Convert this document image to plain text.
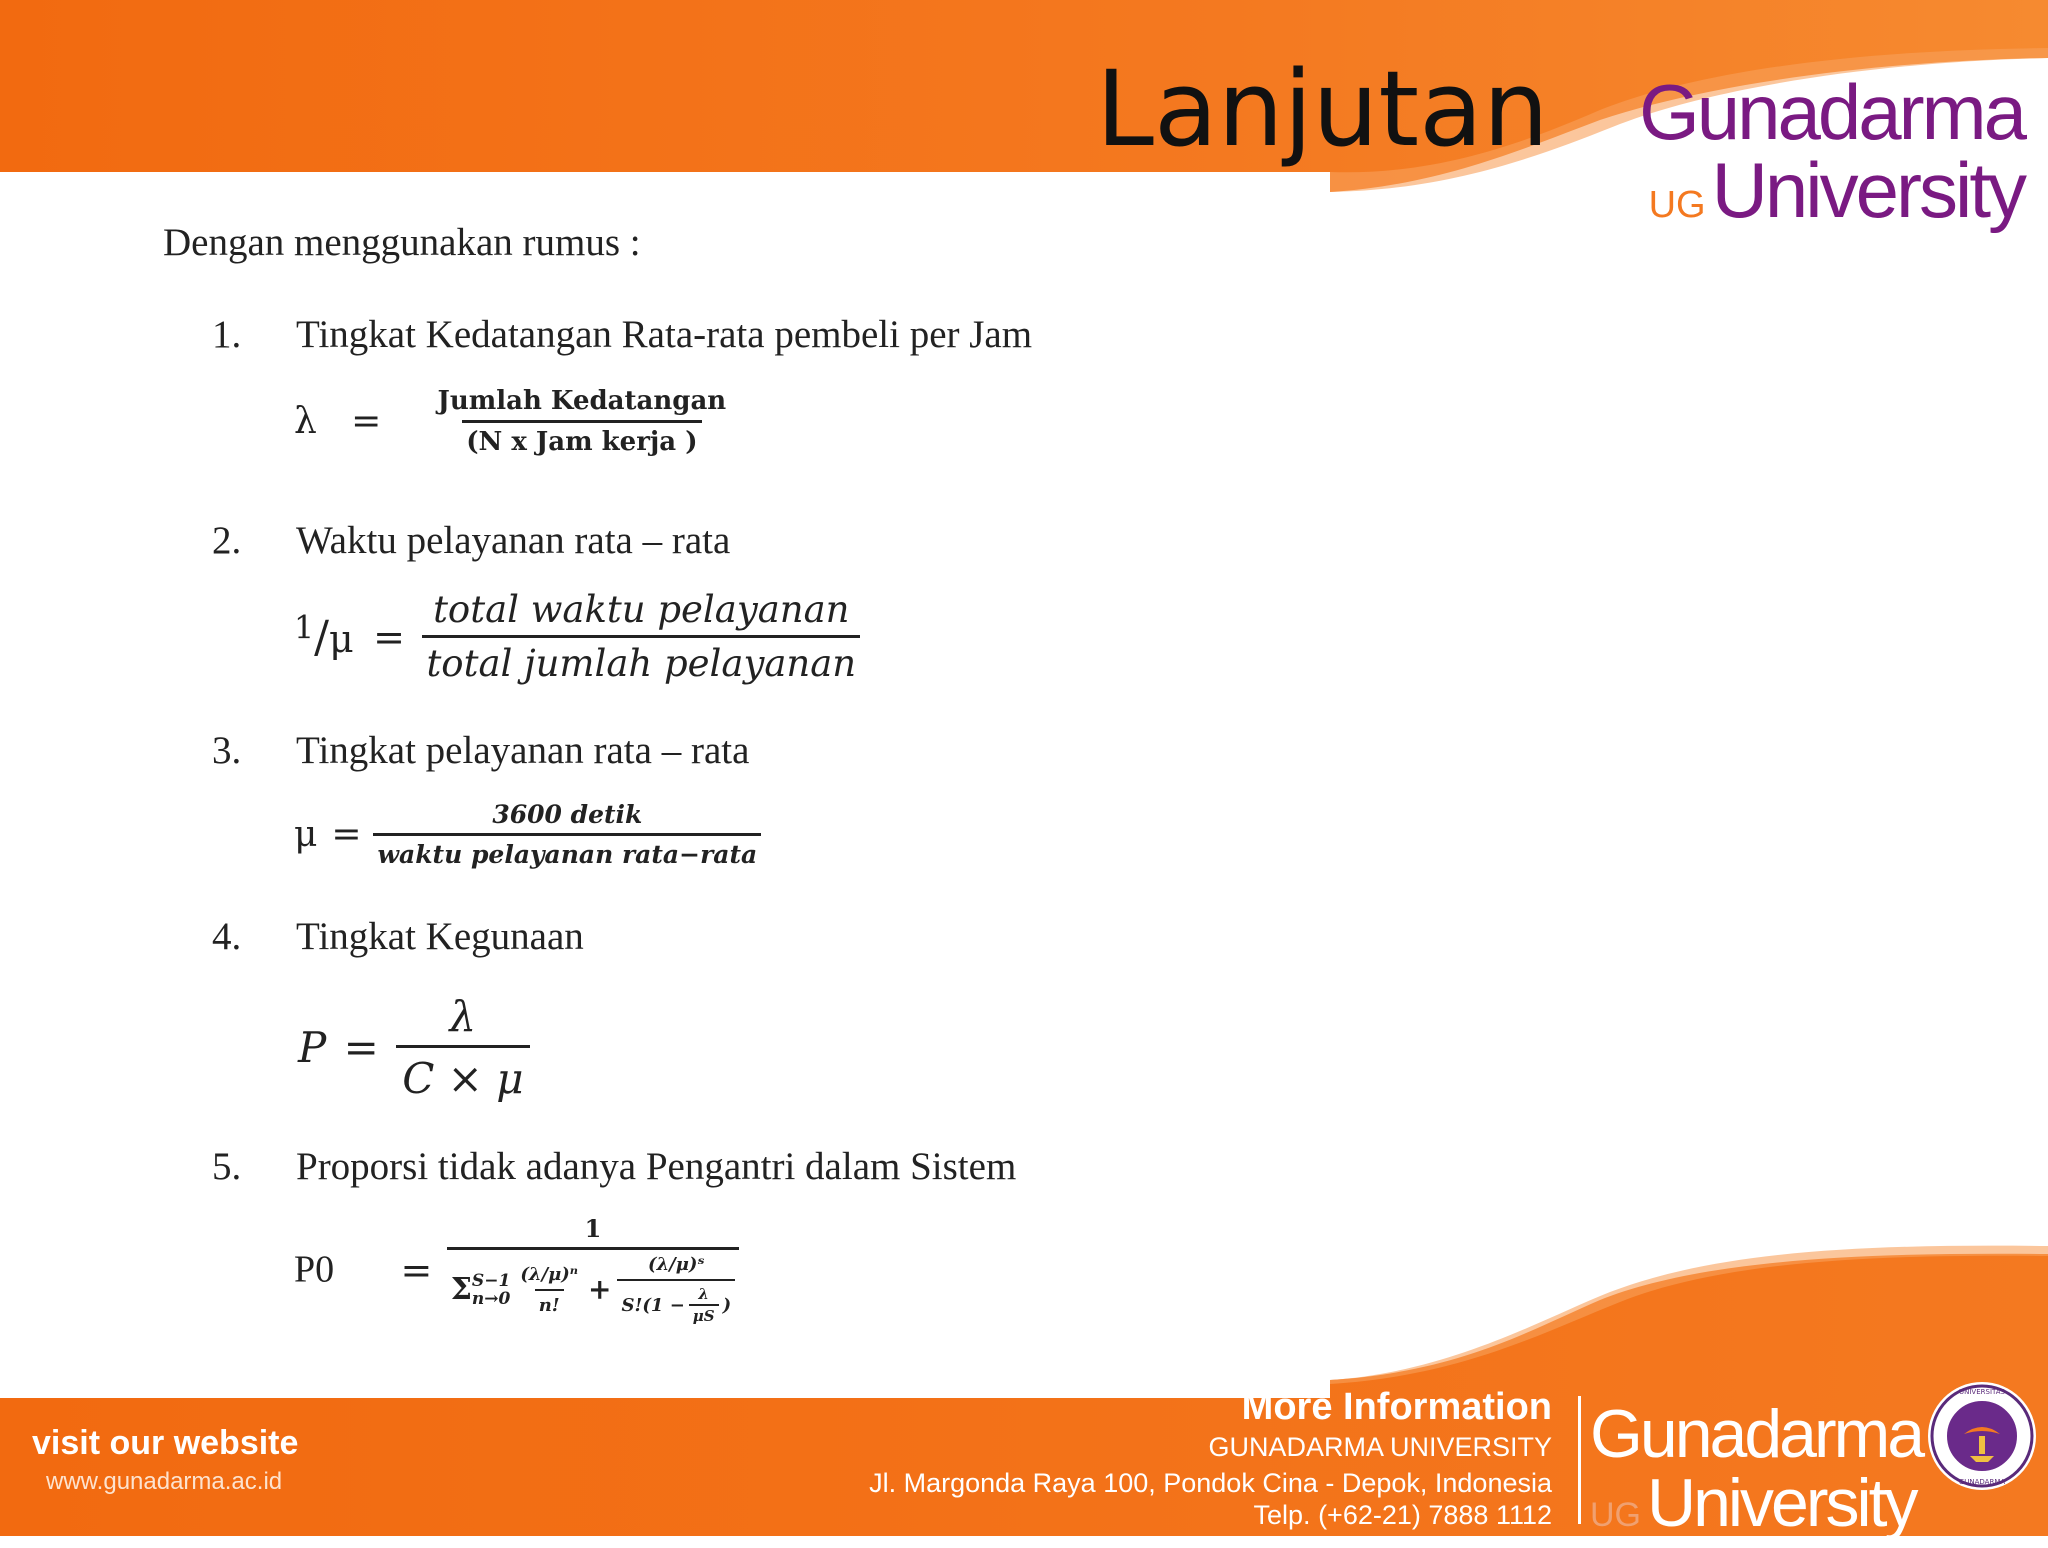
Lanjutan Gunadarma
UGUniversity
Dengan menggunakan rumus :
1. Tingkat Kedatangan Rata-rata pembeli per Jam
$\lambda = \frac{\text{Jumlah Kedatangan}}{\text{(N x Jam kerja )}}$
2. Waktu pelayanan rata – rata
$^1/\mu = \frac{\text{total waktu pelayanan}}{\text{total jumlah pelayanan}}$
3. Tingkat pelayanan rata – rata
$\mu = \frac{\text{3600 detik}}{\text{waktu pelayanan rata−rata}}$
4. Tingkat Kegunaan
$P = \frac{\lambda}{C \times \mu}$
5. Proporsi tidak adanya Pengantri dalam Sistem
P0 =
1
Σ S−1
$n\to 0 \frac{\text{(λ/μ)ⁿ}}{n!}$ +
(λ/μ)ˢ
$S!(1 - \frac{\lambda}{\mu S}$ )
visit our website
www.gunadarma.ac.id
More Information
GUNADARMA UNIVERSITY
Jl. Margonda Raya 100, Pondok Cina - Depok, Indonesia
Telp. (+62-21) 7888 1112
Gunadarma
UGUniversity
UNIVERSITAS
GUNADARMA
